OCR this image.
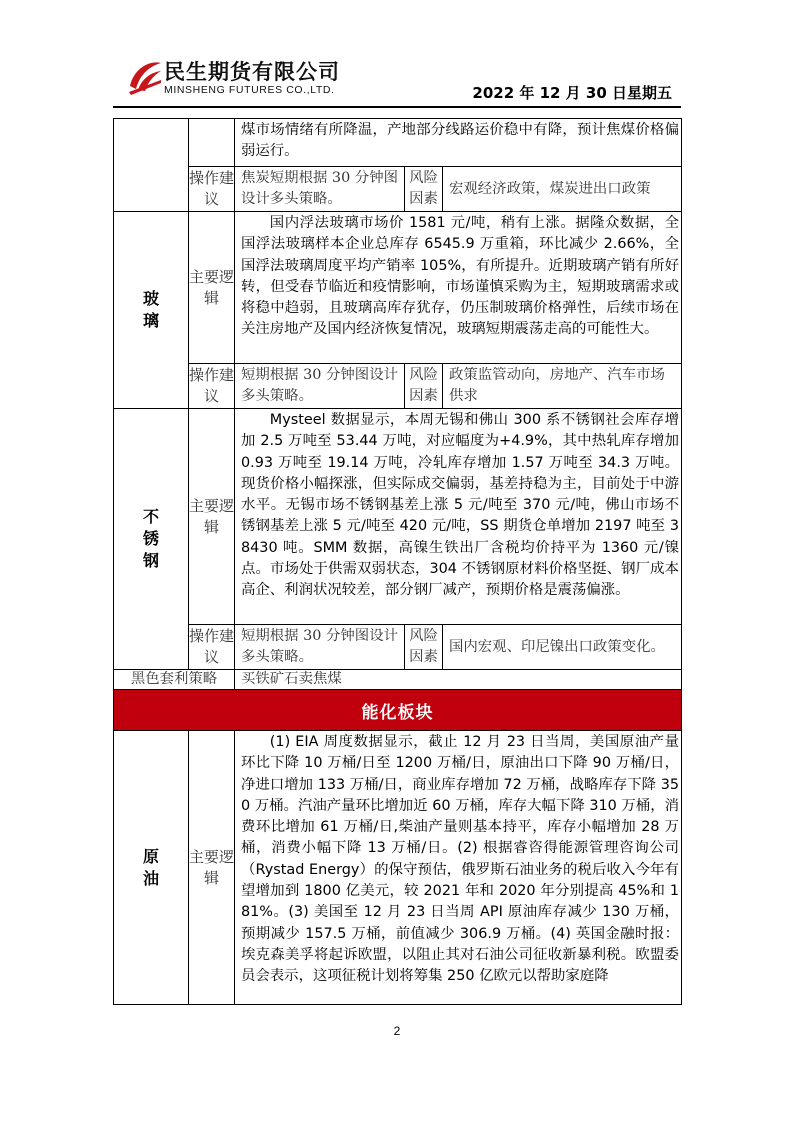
民生期货有限公司
MINSHENG FUTURES CO.,LTD.	2022 年 12 月 30 日星期五

		煤市场情绪有所降温，产地部分线路运价稳中有降，预计焦煤价格偏弱运行。		

	操作建议	焦炭短期根据 30 分钟图设计多头策略。	风险因素	宏观经济政策，煤炭进出口政策
玻璃	主要逻辑	国内浮法玻璃市场价 1581 元/吨，稍有上涨。据隆众数据，全国浮法玻璃样本企业总库存 6545.9 万重箱，环比减少 2.66%，全国浮法玻璃周度平均产销率 105%，有所提升。近期玻璃产销有所好转，但受春节临近和疫情影响，市场谨慎采购为主，短期玻璃需求或将稳中趋弱，且玻璃高库存犹存，仍压制玻璃价格弹性，后续市场在关注房地产及国内经济恢复情况，玻璃短期震荡走高的可能性大。		

	操作建议	短期根据 30 分钟图设计多头策略。	风险因素	政策监管动向，房地产、汽车市场供求
不锈钢	主要逻辑	Mysteel 数据显示，本周无锡和佛山 300 系不锈钢社会库存增加 2.5 万吨至 53.44 万吨，对应幅度为+4.9%，其中热轧库存增加 0.93 万吨至 19.14 万吨，冷轧库存增加 1.57 万吨至 34.3 万吨。现货价格小幅探涨，但实际成交偏弱，基差持稳为主，目前处于中游水平。无锡市场不锈钢基差上涨 5 元/吨至 370 元/吨，佛山市场不锈钢基差上涨 5 元/吨至 420 元/吨，SS 期货仓单增加 2197 吨至 38430 吨。SMM 数据，高镍生铁出厂含税均价持平为 1360 元/镍点。市场处于供需双弱状态，304 不锈钢原材料价格坚挺、钢厂成本高企、利润状况较差，部分钢厂减产，预期价格是震荡偏涨。		

	操作建议	短期根据 30 分钟图设计多头策略。	风险因素	国内宏观、印尼镍出口政策变化。
黑色套利策略		买铁矿石卖焦煤		
能化板块				
原油	主要逻辑	(1) EIA 周度数据显示，截止 12 月 23 日当周，美国原油产量环比下降 10 万桶/日至 1200 万桶/日，原油出口下降 90 万桶/日，净进口增加 133 万桶/日，商业库存增加 72 万桶，战略库存下降 350 万桶。汽油产量环比增加近 60 万桶，库存大幅下降 310 万桶，消费环比增加 61 万桶/日,柴油产量则基本持平，库存小幅增加 28 万桶，消费小幅下降 13 万桶/日。(2) 根据睿咨得能源管理咨询公司（Rystad Energy）的保守预估，俄罗斯石油业务的税后收入今年有望增加到 1800 亿美元，较 2021 年和 2020 年分别提高 45%和 181%。(3) 美国至 12 月 23 日当周 API 原油库存减少 130 万桶，预期减少 157.5 万桶，前值减少 306.9 万桶。(4) 英国金融时报：埃克森美孚将起诉欧盟，以阻止其对石油公司征收新暴利税。欧盟委员会表示，这项征税计划将筹集 250 亿欧元以帮助家庭降		

2
